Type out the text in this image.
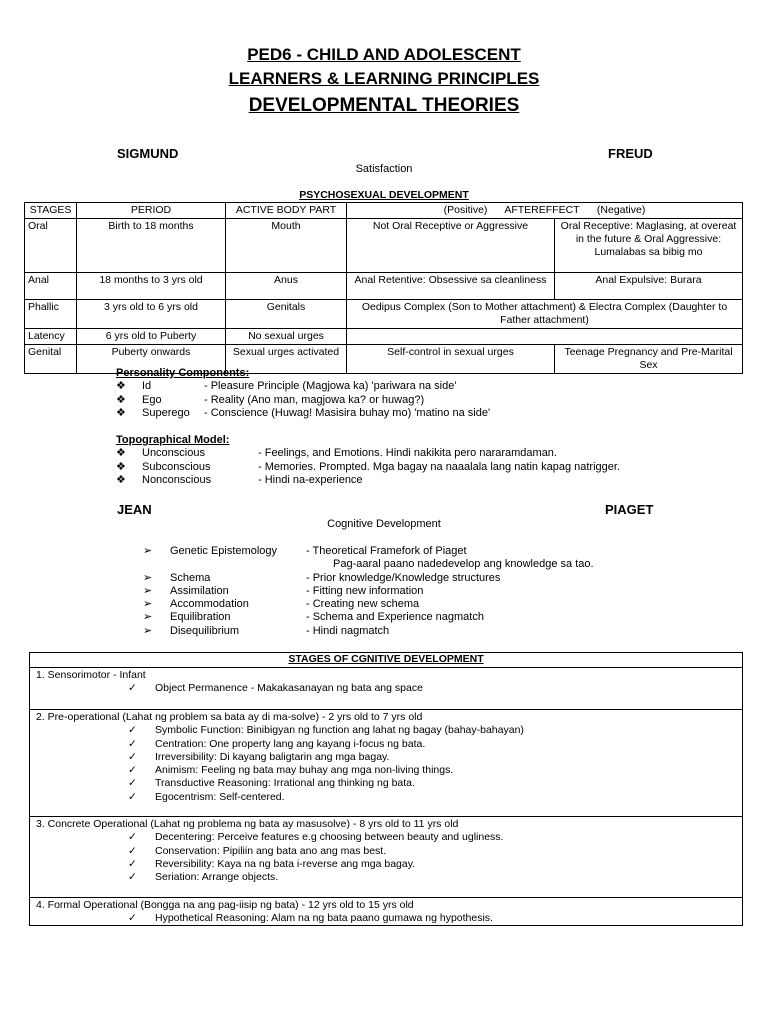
PED6 - CHILD AND ADOLESCENT
LEARNERS & LEARNING PRINCIPLES
DEVELOPMENTAL THEORIES
SIGMUND	FREUD
Satisfaction
PSYCHOSEXUAL DEVELOPMENT
STAGES	PERIOD	ACTIVE BODY PART	(Positive)      AFTEREFFECT      (Negative)	
Oral	Birth to 18 months	Mouth	Not Oral Receptive or Aggressive	Oral Receptive: Maglasing, at overeat in the future & Oral Aggressive: Lumalabas sa bibig mo
Anal	18 months to 3 yrs old	Anus	Anal Retentive: Obsessive sa cleanliness	Anal Expulsive: Burara
Phallic	3 yrs old to 6 yrs old	Genitals	Oedipus Complex (Son to Mother attachment) & Electra Complex (Daughter to Father attachment)	
Latency	6 yrs old to Puberty	No sexual urges		
Genital	Puberty onwards	Sexual urges activated	Self-control in sexual urges	Teenage Pregnancy and Pre-Marital Sex
Personality Components:
❖	Id	- Pleasure Principle (Magjowa ka) 'pariwara na side'
❖	Ego	- Reality (Ano man, magjowa ka? or huwag?)
❖	Superego	- Conscience (Huwag! Masisira buhay mo) 'matino na side'
Topographical Model:
❖	Unconscious	- Feelings, and Emotions. Hindi nakikita pero nararamdaman.
❖	Subconscious	- Memories. Prompted. Mga bagay na naaalala lang natin kapag natrigger.
❖	Nonconscious	- Hindi na-experience
JEAN	PIAGET
Cognitive Development
➢	Genetic Epistemology	- Theoretical Framefork of Piaget
Pag-aaral paano nadedevelop ang knowledge sa tao.
➢	Schema	- Prior knowledge/Knowledge structures
➢	Assimilation	- Fitting new information
➢	Accommodation	- Creating new schema
➢	Equilibration	- Schema and Experience nagmatch
➢	Disequilibrium	- Hindi nagmatch
STAGES OF CGNITIVE DEVELOPMENT
1. Sensorimotor - Infant
✓	Object Permanence - Makakasanayan ng bata ang space
2. Pre-operational (Lahat ng problem sa bata ay di ma-solve) - 2 yrs old to 7 yrs old
✓	Symbolic Function: Binibigyan ng function ang lahat ng bagay (bahay-bahayan)
✓	Centration: One property lang ang kayang i-focus ng bata.
✓	Irreversibility: Di kayang baligtarin ang mga bagay.
✓	Animism: Feeling ng bata may buhay ang mga non-living things.
✓	Transductive Reasoning: Irrational ang thinking ng bata.
✓	Egocentrism: Self-centered.
3. Concrete Operational (Lahat ng problema ng bata ay masusolve) - 8 yrs old to 11 yrs old
✓	Decentering: Perceive features e.g choosing between beauty and ugliness.
✓	Conservation: Pipiliin ang bata ano ang mas best.
✓	Reversibility: Kaya na ng bata i-reverse ang mga bagay.
✓	Seriation: Arrange objects.
4. Formal Operational (Bongga na ang pag-iisip ng bata) - 12 yrs old to 15 yrs old
✓	Hypothetical Reasoning: Alam na ng bata paano gumawa ng hypothesis.
